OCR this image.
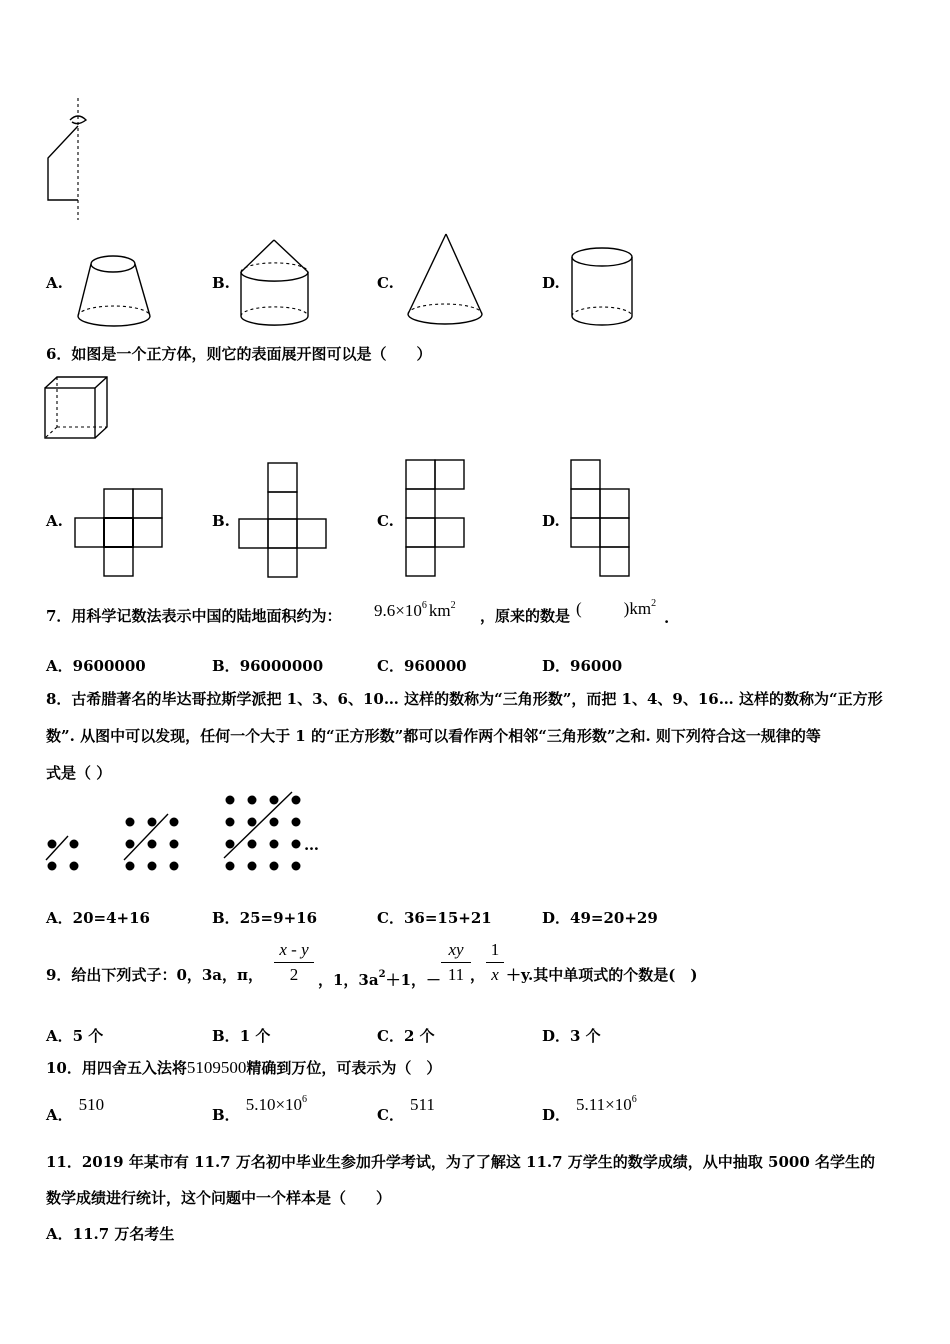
A.	B.	C.	D.
6．如图是一个正方体，则它的表面展开图可以是（　　）
A.	B.	C.	D.
7．用科学记数法表示中国的陆地面积约为： $9.6\times 10^6$ $km^2$
，原来的数是 ( )$km^2$
.
A．9600000	B．96000000	C．960000	D．96000
8．古希腊著名的毕达哥拉斯学派把 1、3、6、10… 这样的数称为“三角形数”，而把 1、4、9、16… 这样的数称为“正方形
数”. 从图中可以发现，任何一个大于 1 的“正方形数”都可以看作两个相邻“三角形数”之和. 则下列符合这一规律的等
式是（ ）
…
A．20=4+16	B．25=9+16	C．36=15+21	D．49=20+29
9．给出下列式子：0，3a，π，
x - y
2	，1，$3a^2+1$，－
xy
11 ，
1
x ＋y.其中单项式的个数是(　)
A．5 个	B．1 个	C．2 个	D．3 个
10．用四舍五入法将5109500精确到万位，可表示为（　）
A．510
B．$5.10\times 10^6$
C．511
D．$5.11\times 10^6$
11．2019 年某市有 11.7 万名初中毕业生参加升学考试，为了了解这 11.7 万学生的数学成绩，从中抽取 5000 名学生的
数学成绩进行统计，这个问题中一个样本是（　　）
A．11.7 万名考生
